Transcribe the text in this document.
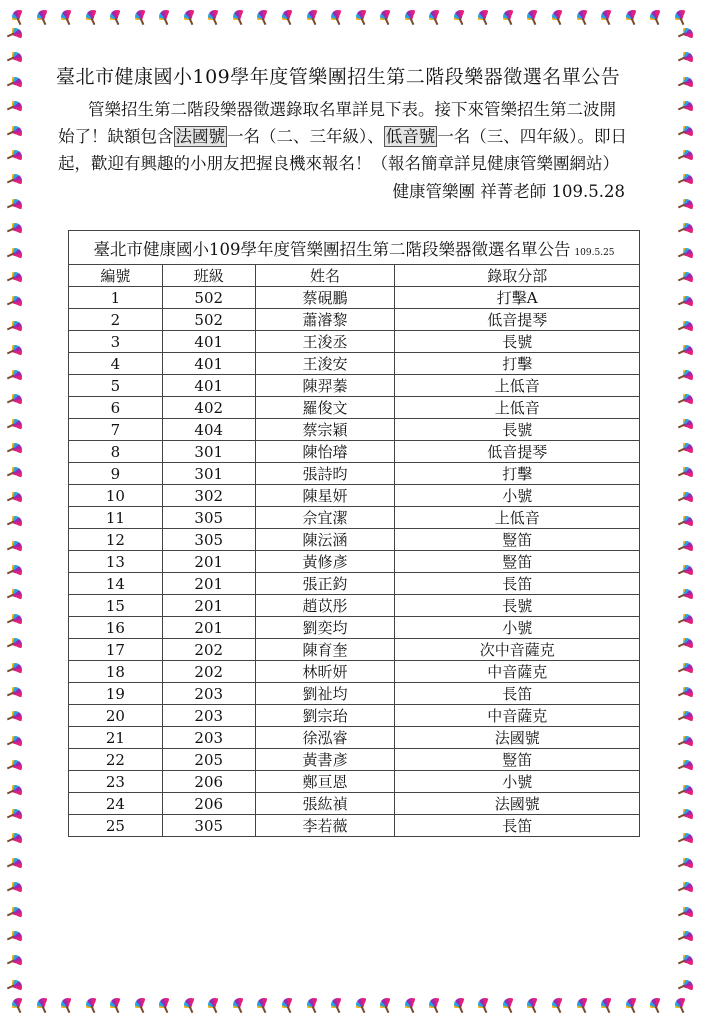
臺北市健康國小109學年度管樂團招生第二階段樂器徵選名單公告

管樂招生第二階段樂器徵選錄取名單詳見下表。接下來管樂招生第二波開

始了！缺額包含 法國號 一名（二、三年級）、 低音號 一名（三、四年級）。即日

起，歡迎有興趣的小朋友把握良機來報名！（報名簡章詳見健康管樂團網站）

健康管樂團 祥菁老師 109.5.28
臺北市健康國小109學年度管樂團招生第二階段樂器徵選名單公告 109.5.25
編號	班級	姓名	錄取分部
1	502	蔡硯鵬	打擊A
2	502	蕭濬黎	低音提琴
3	401	王浚丞	長號
4	401	王浚安	打擊
5	401	陳羿蓁	上低音
6	402	羅俊文	上低音
7	404	蔡宗穎	長號
8	301	陳怡璿	低音提琴
9	301	張詩昀	打擊
10	302	陳星妍	小號
11	305	佘宜潔	上低音
12	305	陳沄涵	豎笛
13	201	黃修彥	豎笛
14	201	張正鈞	長笛
15	201	趙苡彤	長號
16	201	劉奕均	小號
17	202	陳育奎	次中音薩克
18	202	林昕妍	中音薩克
19	203	劉祉均	長笛
20	203	劉宗珆	中音薩克
21	203	徐泓睿	法國號
22	205	黃書彥	豎笛
23	206	鄭亘恩	小號
24	206	張紘禎	法國號
25	305	李若薇	長笛
